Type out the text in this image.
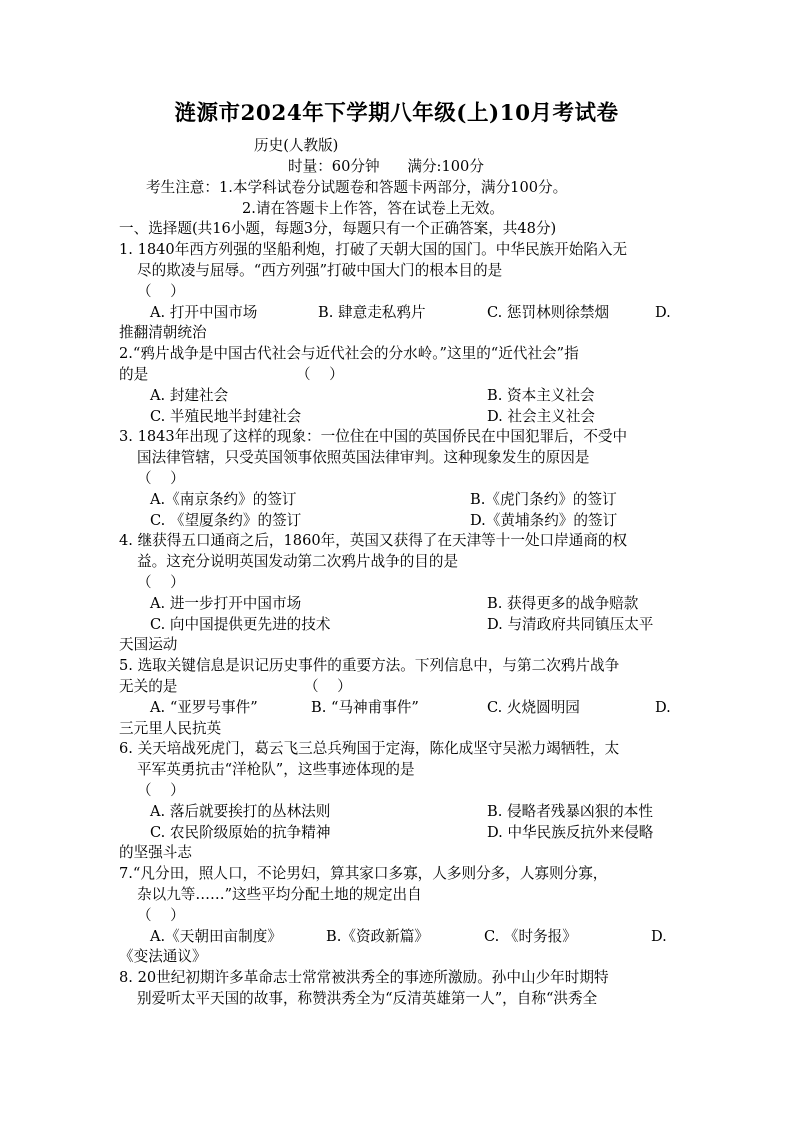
涟源市2024年下学期八年级(上)10月考试卷
历史(人教版)
时量：60分钟      满分:100分
考生注意：1.本学科试卷分试题卷和答题卡两部分，满分100分。
2.请在答题卡上作答，答在试卷上无效。
一、选择题(共16小题，每题3分，每题只有一个正确答案，共48分)
1. 1840年西方列强的坚船利炮，打破了天朝大国的国门。中华民族开始陷入无
尽的欺凌与屈辱。“西方列强”打破中国大门的根本目的是
（    ）
A. 打开中国市场	B. 肆意走私鸦片	C. 惩罚林则徐禁烟	D.
推翻清朝统治
2.“鸦片战争是中国古代社会与近代社会的分水岭。”这里的“近代社会”指
的是	（    ）
A. 封建社会	B. 资本主义社会
C. 半殖民地半封建社会	D. 社会主义社会
3. 1843年出现了这样的现象：一位住在中国的英国侨民在中国犯罪后，不受中
国法律管辖，只受英国领事依照英国法律审判。这种现象发生的原因是
（    ）
A.《南京条约》的签订	B.《虎门条约》的签订
C. 《望厦条约》的签订	D.《黄埔条约》的签订
4. 继获得五口通商之后，1860年，英国又获得了在天津等十一处口岸通商的权
益。这充分说明英国发动第二次鸦片战争的目的是
（    ）
A. 进一步打开中国市场	B. 获得更多的战争赔款
C. 向中国提供更先进的技术	D. 与清政府共同镇压太平
天国运动
5. 选取关键信息是识记历史事件的重要方法。下列信息中，与第二次鸦片战争
无关的是	（    ）
A. “亚罗号事件”	B. “马神甫事件”	C. 火烧圆明园	D.
三元里人民抗英
6. 关天培战死虎门，葛云飞三总兵殉国于定海，陈化成坚守吴淞力竭牺牲，太
平军英勇抗击“洋枪队”，这些事迹体现的是
（    ）
A. 落后就要挨打的丛林法则	B. 侵略者残暴凶狠的本性
C. 农民阶级原始的抗争精神	D. 中华民族反抗外来侵略
的坚强斗志
7.“凡分田，照人口，不论男妇，算其家口多寡，人多则分多，人寡则分寡，
杂以九等……”这些平均分配土地的规定出自
（    ）
A.《天朝田亩制度》	B.《资政新篇》	C. 《时务报》	D.
《变法通议》
8. 20世纪初期许多革命志士常常被洪秀全的事迹所激励。孙中山少年时期特
别爱听太平天国的故事，称赞洪秀全为“反清英雄第一人”，自称“洪秀全
